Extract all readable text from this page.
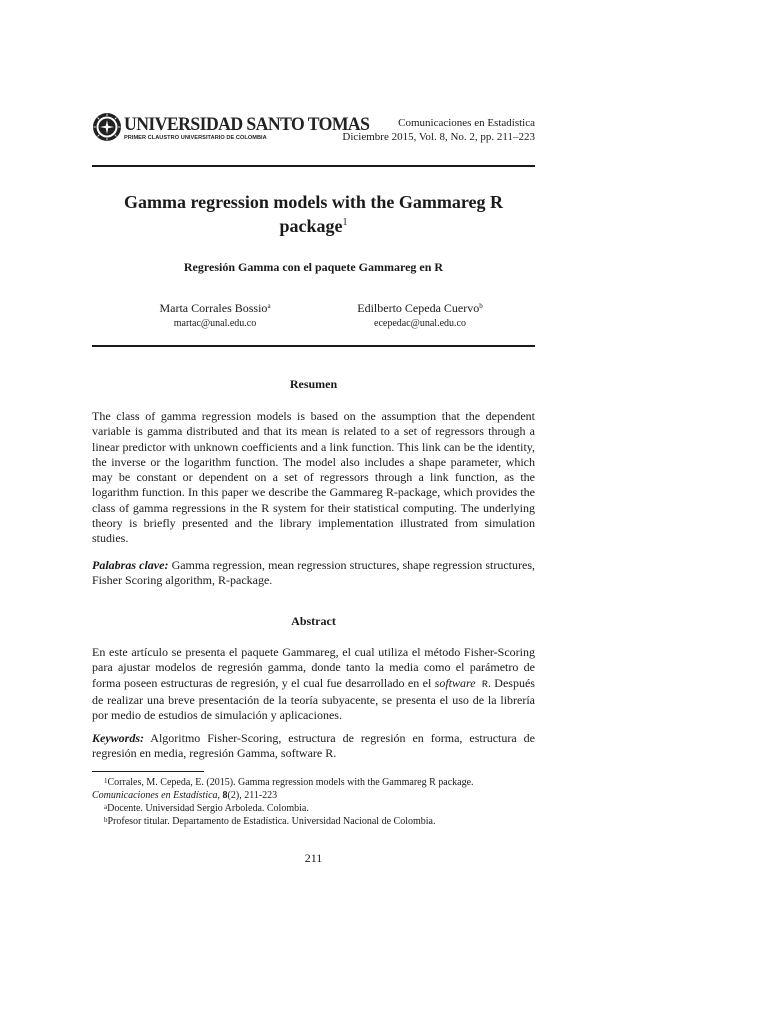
UNIVERSIDAD SANTO TOMAS
PRIMER CLAUSTRO UNIVERSITARIO DE COLOMBIA
Comunicaciones en Estadística
Diciembre 2015, Vol. 8, No. 2, pp. 211–223
Gamma regression models with the Gammareg R
package$^1$
Regresión Gamma con el paquete Gammareg en R
Marta Corrales Bossio$^a$
martac@unal.edu.co
Edilberto Cepeda Cuervo$^b$
ecepedac@unal.edu.co
Resumen

The class of gamma regression models is based on the assumption that the dependent variable is gamma distributed and that its mean is related to a set of regressors through a linear predictor with unknown coefficients and a link function. This link can be the identity, the inverse or the logarithm function. The model also includes a shape parameter, which may be constant or dependent on a set of regressors through a link function, as the logarithm function. In this paper we describe the Gammareg R-package, which provides the class of gamma regressions in the R system for their statistical computing. The underlying theory is briefly presented and the library implementation illustrated from simulation studies.

Palabras clave: Gamma regression, mean regression structures, shape regression structures, Fisher Scoring algorithm, R-package.

Abstract

En este artículo se presenta el paquete Gammareg, el cual utiliza el método Fisher-Scoring para ajustar modelos de regresión gamma, donde tanto la media como el parámetro de forma poseen estructuras de regresión, y el cual fue desarrollado en el software R. Después de realizar una breve presentación de la teoría subyacente, se presenta el uso de la librería por medio de estudios de simulación y aplicaciones.

Keywords: Algoritmo Fisher-Scoring, estructura de regresión en forma, estructura de regresión en media, regresión Gamma, software R.

$^1$Corrales, M. Cepeda, E. (2015). Gamma regression models with the Gammareg R package.
Comunicaciones en Estadística, 8(2), 211-223
$^a$Docente. Universidad Sergio Arboleda. Colombia.
$^b$Profesor titular. Departamento de Estadística. Universidad Nacional de Colombia.
211
